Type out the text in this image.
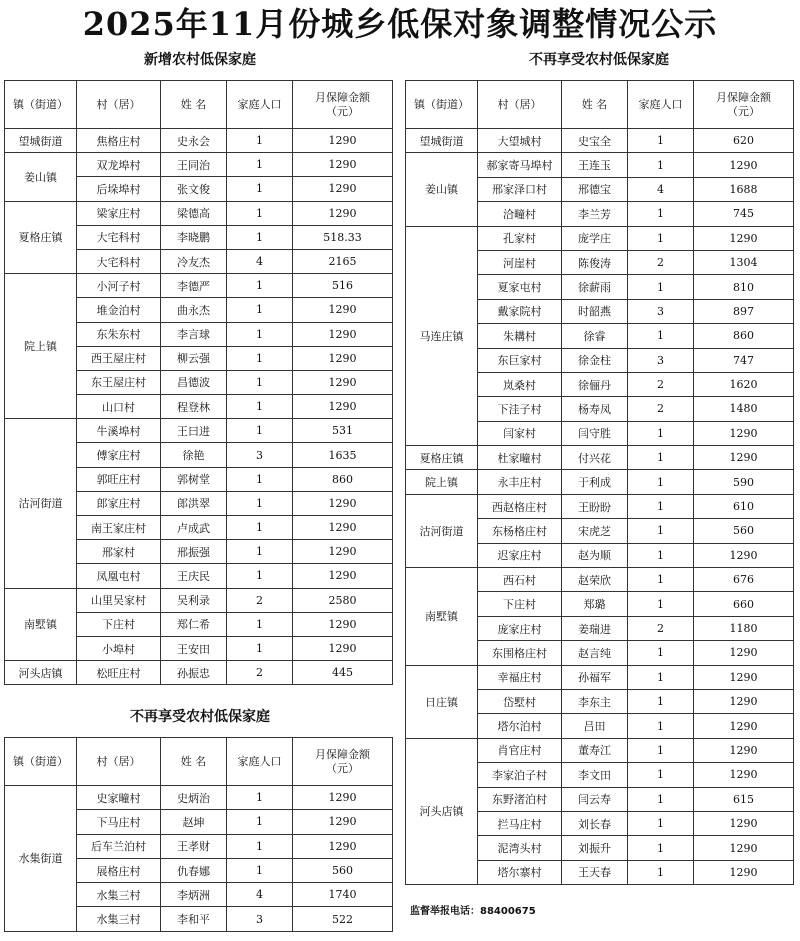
2025年11月份城乡低保对象调整情况公示
新增农村低保家庭
镇（街道）	村（居）	姓 名	家庭人口	月保障金额
（元）
望城街道	焦格庄村	史永会	1	1290
姜山镇	双龙埠村	王同治	1	1290
	后垛埠村	张文俊	1	1290
夏格庄镇	梁家庄村	梁德高	1	1290
	大宅科村	李晓鹏	1	518.33
	大宅科村	冷友杰	4	2165
院上镇	小河子村	李德严	1	516
	堆金泊村	曲永杰	1	1290
	东朱东村	李言球	1	1290
	西王屋庄村	柳云强	1	1290
	东王屋庄村	昌德波	1	1290
	山口村	程登林	1	1290
沽河街道	牛溪埠村	王曰进	1	531
	傅家庄村	徐艳	3	1635
	郭旺庄村	郭树堂	1	860
	郎家庄村	郎洪翠	1	1290
	南王家庄村	卢成武	1	1290
	邢家村	邢振强	1	1290
	凤凰屯村	王庆民	1	1290
南墅镇	山里吴家村	吴利录	2	2580
	下庄村	郑仁希	1	1290
	小埠村	王安田	1	1290
河头店镇	松旺庄村	孙振忠	2	445
不再享受农村低保家庭
镇（街道）	村（居）	姓 名	家庭人口	月保障金额
（元）
水集街道	史家疃村	史炳治	1	1290
	下马庄村	赵坤	1	1290
	后车兰泊村	王孝财	1	1290
	展格庄村	仇春娜	1	560
	水集三村	李炳洲	4	1740
	水集三村	李和平	3	522
不再享受农村低保家庭
镇（街道）	村（居）	姓 名	家庭人口	月保障金额
（元）
望城街道	大望城村	史宝全	1	620
姜山镇	郝家寄马埠村	王连玉	1	1290
	邢家泽口村	邢德宝	4	1688
	洽疃村	李兰芳	1	745
马连庄镇	孔家村	庞学庄	1	1290
	河崖村	陈俊涛	2	1304
	夏家屯村	徐薪雨	1	810
	戴家院村	时韶燕	3	897
	朱耩村	徐睿	1	860
	东巨家村	徐金柱	3	747
	岚桑村	徐俪丹	2	1620
	下洼子村	杨寿凤	2	1480
	闫家村	闫守胜	1	1290
夏格庄镇	杜家疃村	付兴花	1	1290
院上镇	永丰庄村	于利成	1	590
沽河街道	西赵格庄村	王盼盼	1	610
	东杨格庄村	宋虎芝	1	560
	迟家庄村	赵为顺	1	1290
南墅镇	西石村	赵荣欣	1	676
	下庄村	郑璐	1	660
	庞家庄村	姜瑞进	2	1180
	东围格庄村	赵言纯	1	1290
日庄镇	幸福庄村	孙福军	1	1290
	岱墅村	李东主	1	1290
	塔尔泊村	吕田	1	1290
河头店镇	肖官庄村	董寿江	1	1290
	李家泊子村	李文田	1	1290
	东野渚泊村	闫云寿	1	615
	拦马庄村	刘长春	1	1290
	泥湾头村	刘振升	1	1290
	塔尔寨村	王天春	1	1290
监督举报电话：88400675
